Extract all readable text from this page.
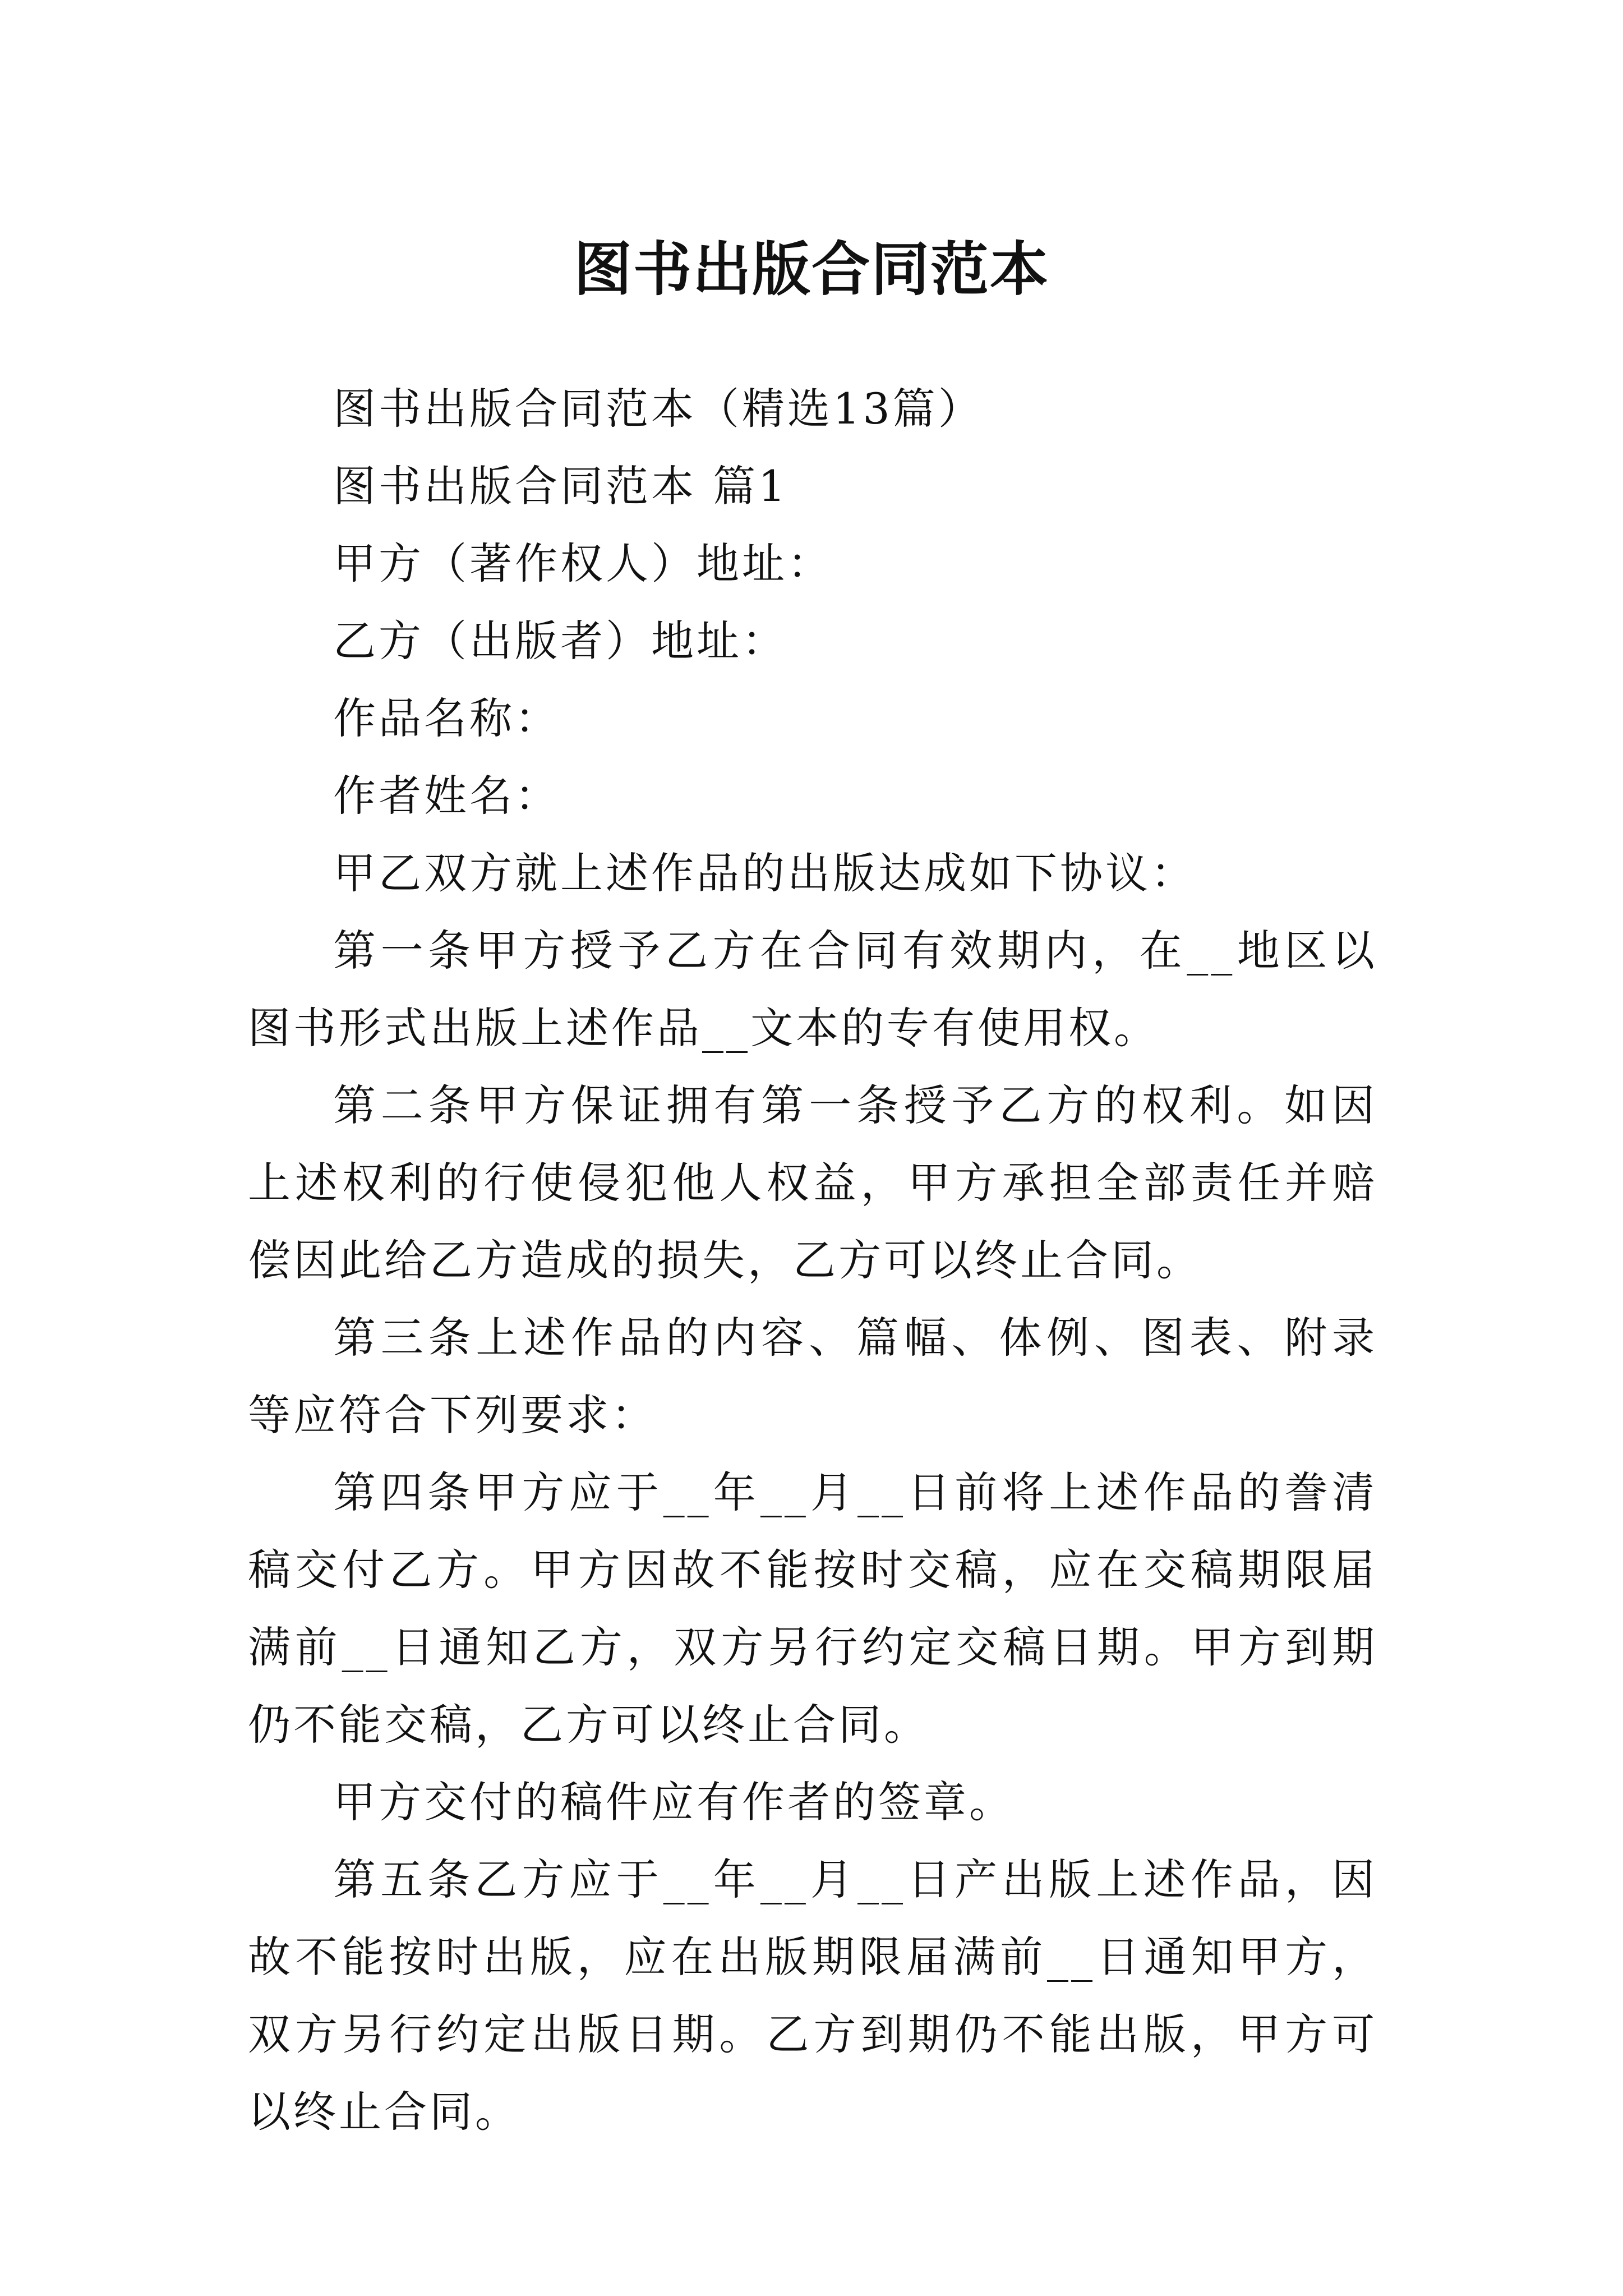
图书出版合同范本

图书出版合同范本（精选13篇）

图书出版合同范本 篇1

甲方（著作权人）地址：

乙方（出版者）地址：

作品名称：

作者姓名：

甲乙双方就上述作品的出版达成如下协议：

第一条甲方授予乙方在合同有效期内，在__地区以图书形式出版上述作品__文本的专有使用权。

第二条甲方保证拥有第一条授予乙方的权利。如因上述权利的行使侵犯他人权益，甲方承担全部责任并赔偿因此给乙方造成的损失，乙方可以终止合同。

第三条上述作品的内容、篇幅、体例、图表、附录等应符合下列要求：

第四条甲方应于__年__月__日前将上述作品的誊清稿交付乙方。甲方因故不能按时交稿，应在交稿期限届满前__日通知乙方，双方另行约定交稿日期。甲方到期仍不能交稿，乙方可以终止合同。

甲方交付的稿件应有作者的签章。

第五条乙方应于__年__月__日产出版上述作品，因故不能按时出版，应在出版期限届满前__日通知甲方，双方另行约定出版日期。乙方到期仍不能出版，甲方可以终止合同。
